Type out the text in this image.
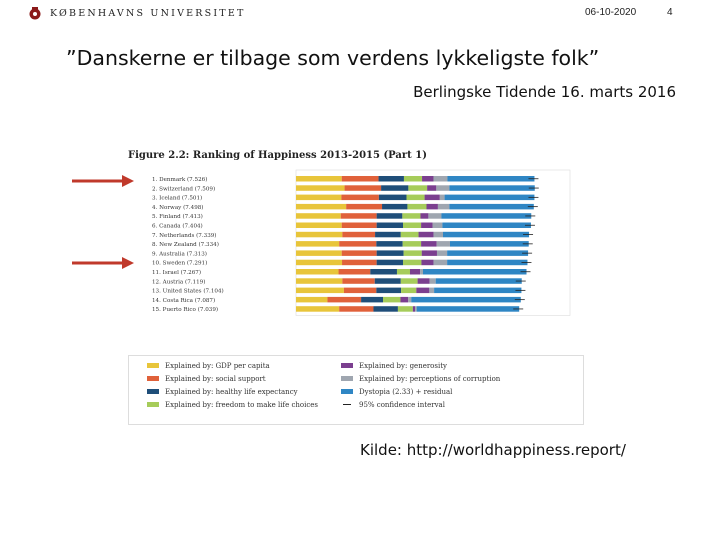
KØBENHAVNS UNIVERSITET	06-10-2020	4
”Danskerne er tilbage som verdens lykkeligste folk”
Berlingske Tidende 16. marts 2016
Figure 2.2: Ranking of Happiness 2013-2015 (Part 1)
1. Denmark (7.526)
2. Switzerland (7.509)
3. Iceland (7.501)
4. Norway (7.498)
5. Finland (7.413)
6. Canada (7.404)
7. Netherlands (7.339)
8. New Zealand (7.334)
9. Australia (7.313)
10. Sweden (7.291)
11. Israel (7.267)
12. Austria (7.119)
13. United States (7.104)
14. Costa Rica (7.087)
15. Puerto Rico (7.039)
Explained by: GDP per capita
Explained by: social support
Explained by: healthy life expectancy
Explained by: freedom to make life choices
Explained by: generosity
Explained by: perceptions of corruption
Dystopia (2.33) + residual
95% confidence interval
Kilde: http://worldhappiness.report/
